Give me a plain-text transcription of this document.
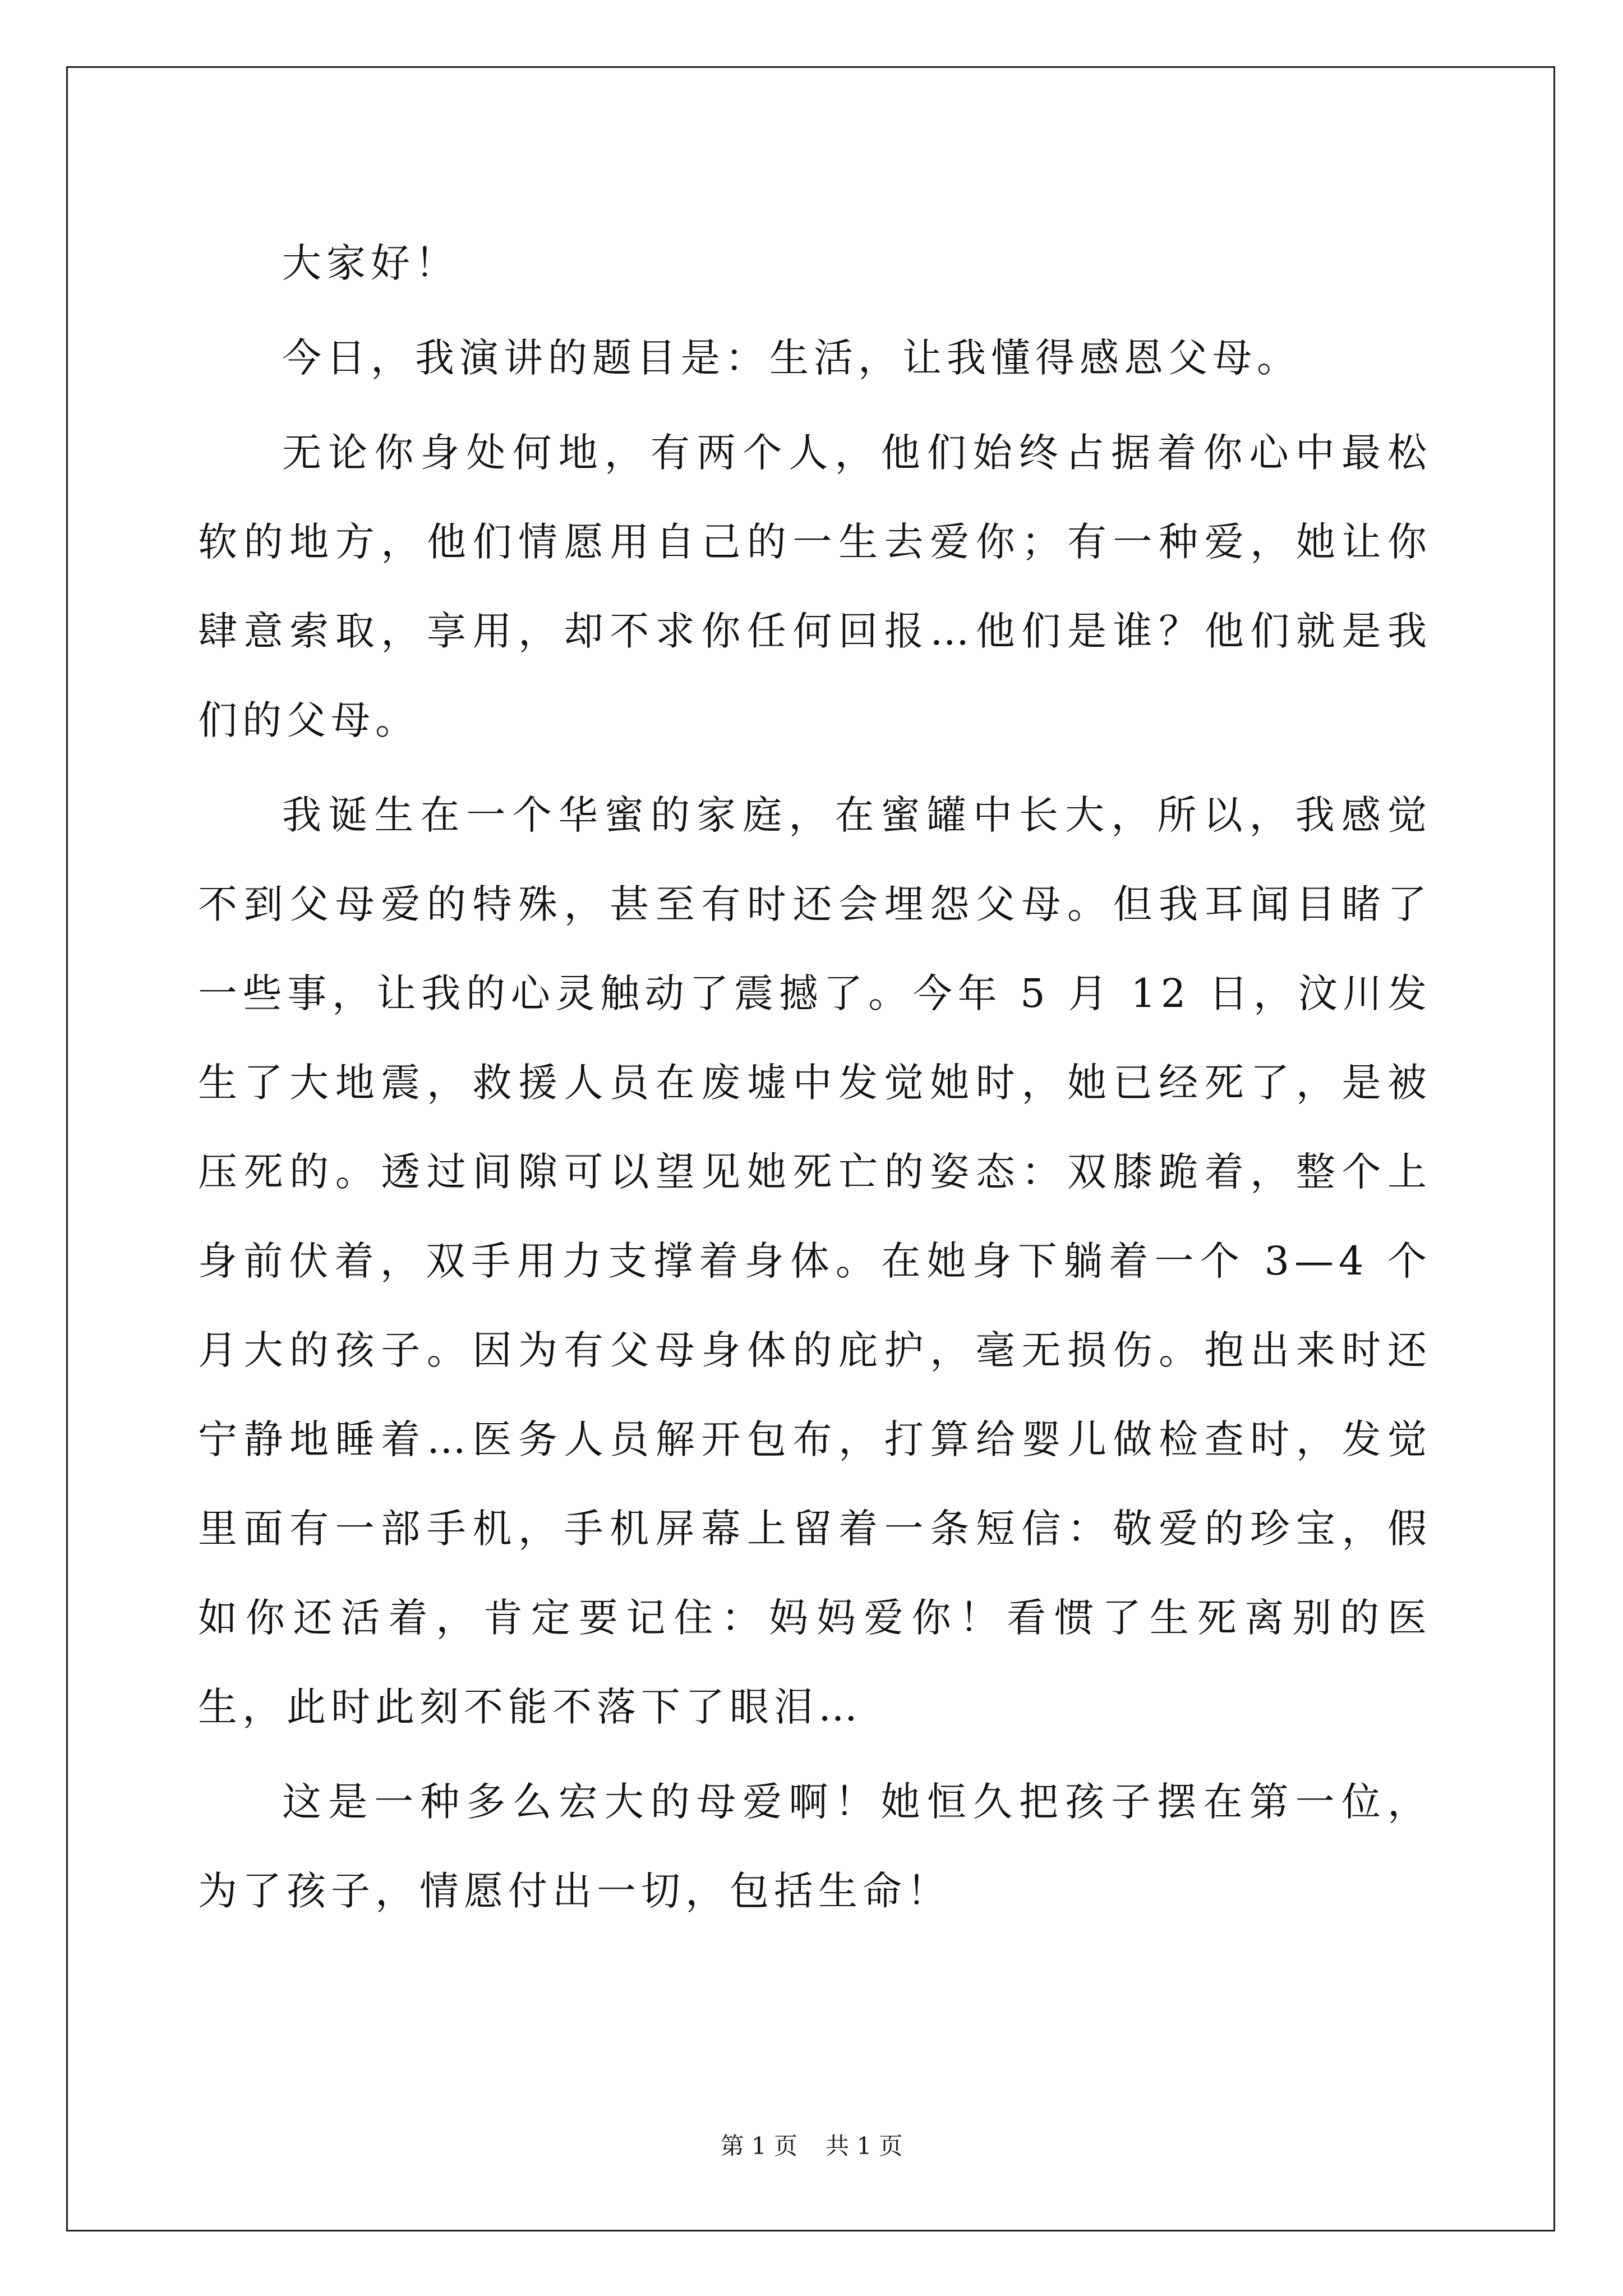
大家好！

今日，我演讲的题目是：生活，让我懂得感恩父母。

无论你身处何地，有两个人，他们始终占据着你心中最松软的地方，他们情愿用自己的一生去爱你；有一种爱，她让你肆意索取，享用，却不求你任何回报…他们是谁？他们就是我们的父母。

我诞生在一个华蜜的家庭，在蜜罐中长大，所以，我感觉不到父母爱的特殊，甚至有时还会埋怨父母。但我耳闻目睹了一些事，让我的心灵触动了震撼了。今年 5 月 12 日，汶川发生了大地震，救援人员在废墟中发觉她时，她已经死了，是被压死的。透过间隙可以望见她死亡的姿态：双膝跪着，整个上身前伏着，双手用力支撑着身体。在她身下躺着一个 3—4 个月大的孩子。因为有父母身体的庇护，毫无损伤。抱出来时还宁静地睡着…医务人员解开包布，打算给婴儿做检查时，发觉里面有一部手机，手机屏幕上留着一条短信：敬爱的珍宝，假如你还活着，肯定要记住：妈妈爱你！看惯了生死离别的医生，此时此刻不能不落下了眼泪…

这是一种多么宏大的母爱啊！她恒久把孩子摆在第一位，为了孩子，情愿付出一切，包括生命！

第 1 页 共 1 页
